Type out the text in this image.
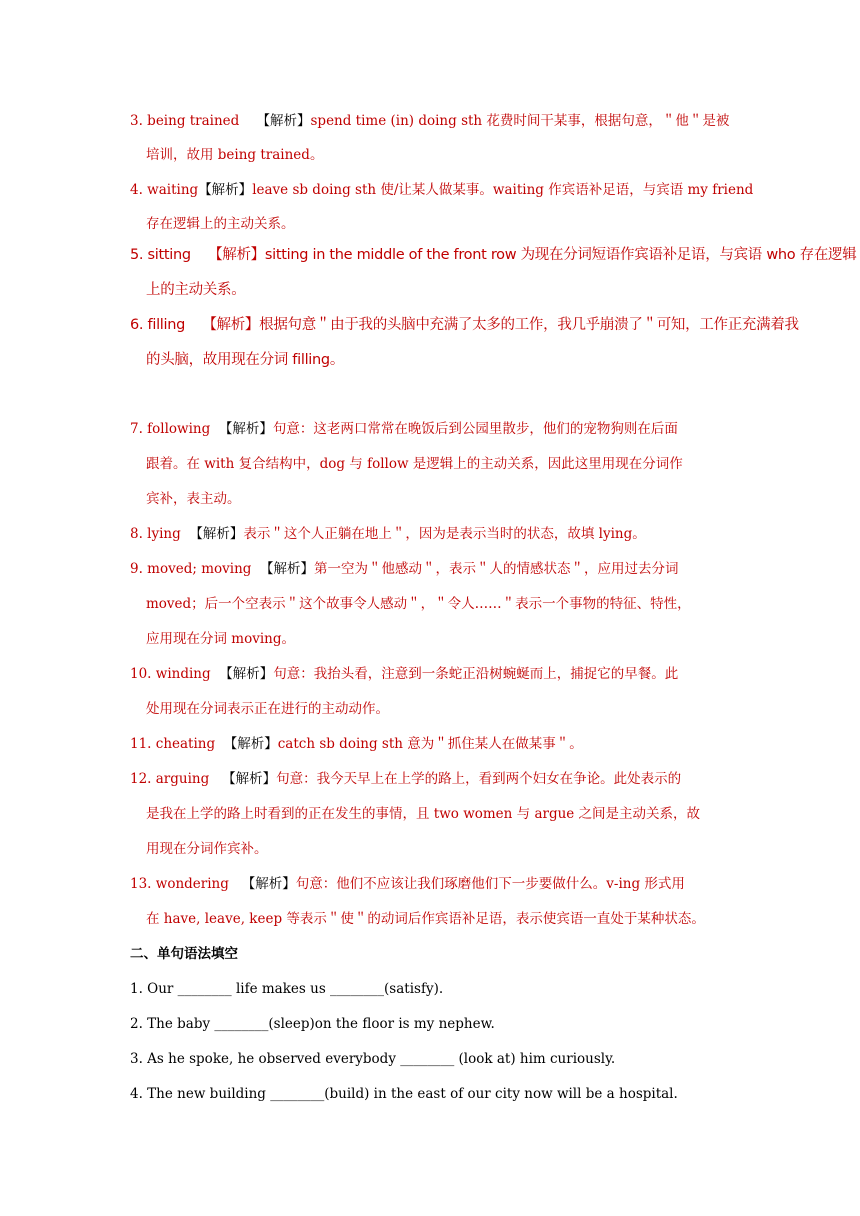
3. being trained 【解析】spend time (in) doing sth 花费时间干某事，根据句意，＂他＂是被

培训，故用 being trained。

4. waiting【解析】leave sb doing sth 使/让某人做某事。waiting 作宾语补足语，与宾语 my friend

存在逻辑上的主动关系。

5. sitting 【解析】sitting in the middle of the front row 为现在分词短语作宾语补足语，与宾语 who 存在逻辑

上的主动关系。

6. filling 【解析】根据句意＂由于我的头脑中充满了太多的工作，我几乎崩溃了＂可知，工作正充满着我

的头脑，故用现在分词 filling。

7. following 【解析】句意：这老两口常常在晚饭后到公园里散步，他们的宠物狗则在后面

跟着。在 with 复合结构中，dog 与 follow 是逻辑上的主动关系，因此这里用现在分词作

宾补，表主动。

8. lying 【解析】表示＂这个人正躺在地上＂，因为是表示当时的状态，故填 lying。

9. moved; moving 【解析】第一空为＂他感动＂，表示＂人的情感状态＂，应用过去分词

moved；后一个空表示＂这个故事令人感动＂，＂令人……＂表示一个事物的特征、特性，

应用现在分词 moving。

10. winding 【解析】句意：我抬头看，注意到一条蛇正沿树蜿蜒而上，捕捉它的早餐。此

处用现在分词表示正在进行的主动动作。

11. cheating 【解析】catch sb doing sth 意为＂抓住某人在做某事＂。

12. arguing 【解析】句意：我今天早上在上学的路上，看到两个妇女在争论。此处表示的

是我在上学的路上时看到的正在发生的事情，且 two women 与 argue 之间是主动关系，故

用现在分词作宾补。

13. wondering 【解析】句意：他们不应该让我们琢磨他们下一步要做什么。v-ing 形式用

在 have, leave, keep 等表示＂使＂的动词后作宾语补足语，表示使宾语一直处于某种状态。

二、单句语法填空

1. Our ________ life makes us ________(satisfy).

2. The baby ________(sleep)on the floor is my nephew.

3. As he spoke, he observed everybody ________ (look at) him curiously.

4. The new building ________(build) in the east of our city now will be a hospital.
